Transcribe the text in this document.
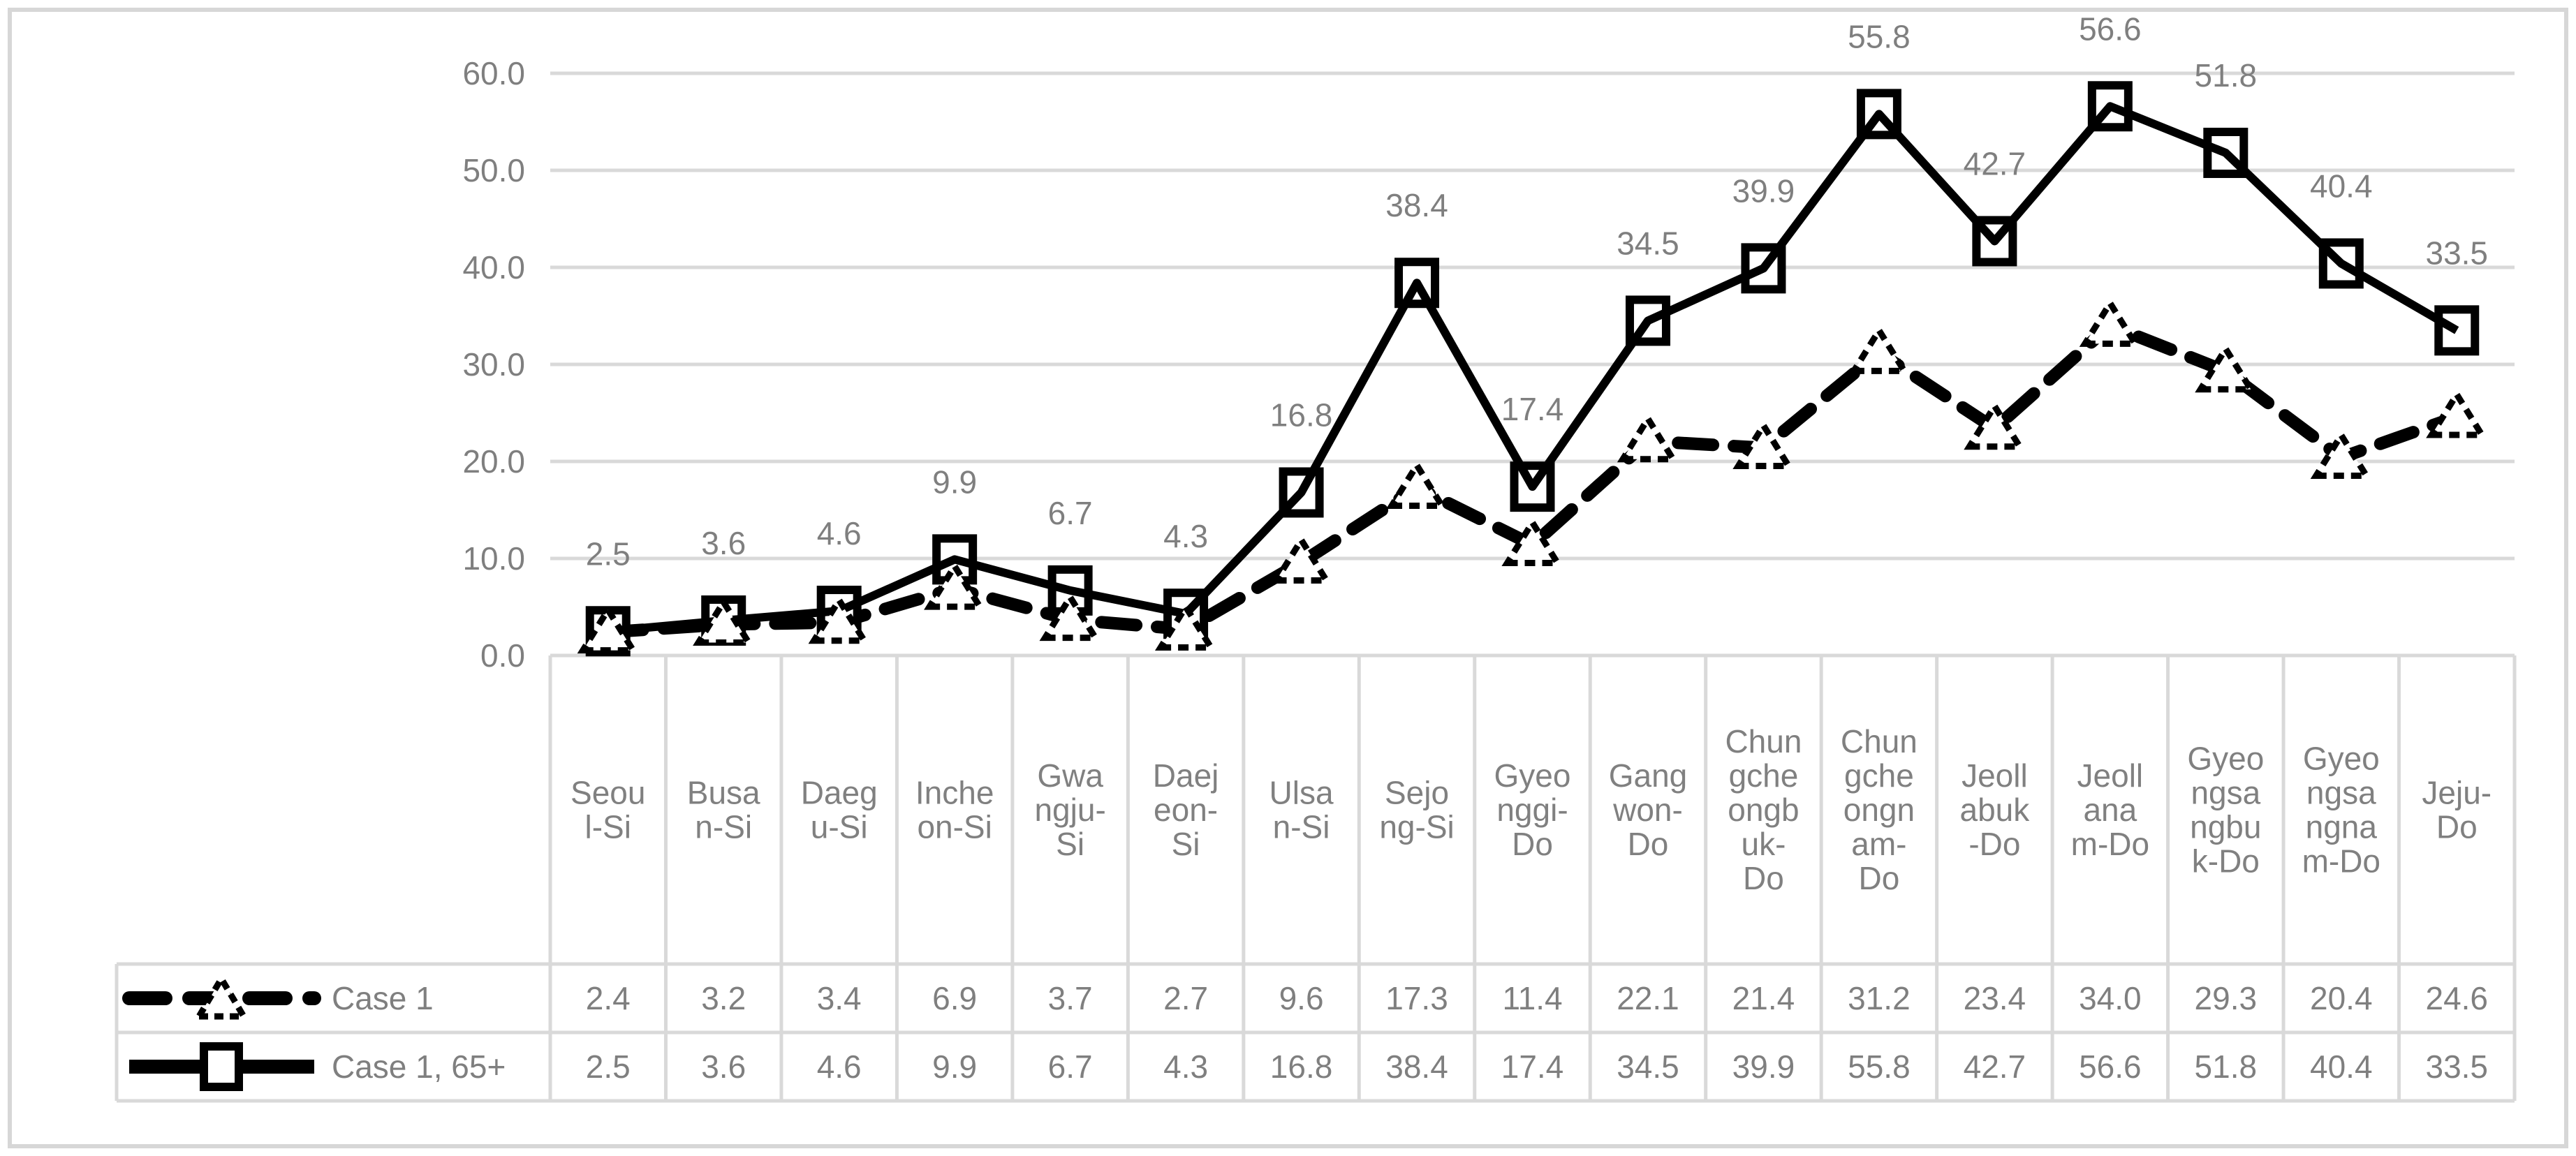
0.0
10.0
20.0
30.0
40.0
50.0
60.0
Seou
l-Si
Busa
n-Si
Daeg
u-Si
Inche
on-Si
Gwa
ngju-
Si
Daej
eon-
Si
Ulsa
n-Si
Sejo
ng-Si
Gyeo
nggi-
Do
Gang
won-
Do
Chun
gche
ongb
uk-
Do
Chun
gche
ongn
am-
Do
Jeoll
abuk
-Do
Jeoll
ana
m-Do
Gyeo
ngsa
ngbu
k-Do
Gyeo
ngsa
ngna
m-Do
Jeju-
Do
2.4 3.2 3.4 6.9 3.7 2.7 9.6 17.3 11.4 22.1 21.4 31.2 23.4 34.0 29.3 20.4 24.6
Case 1
2.5 3.6 4.6 9.9 6.7 4.3 16.8 38.4 17.4 34.5 39.9 55.8 42.7 56.6 51.8 40.4 33.5
Case 1, 65+
2.5 3.6 4.6
9.9
6.7
4.3
16.8
38.4
17.4
34.5
39.9
55.8
42.7
56.6
51.8
40.4
33.5
